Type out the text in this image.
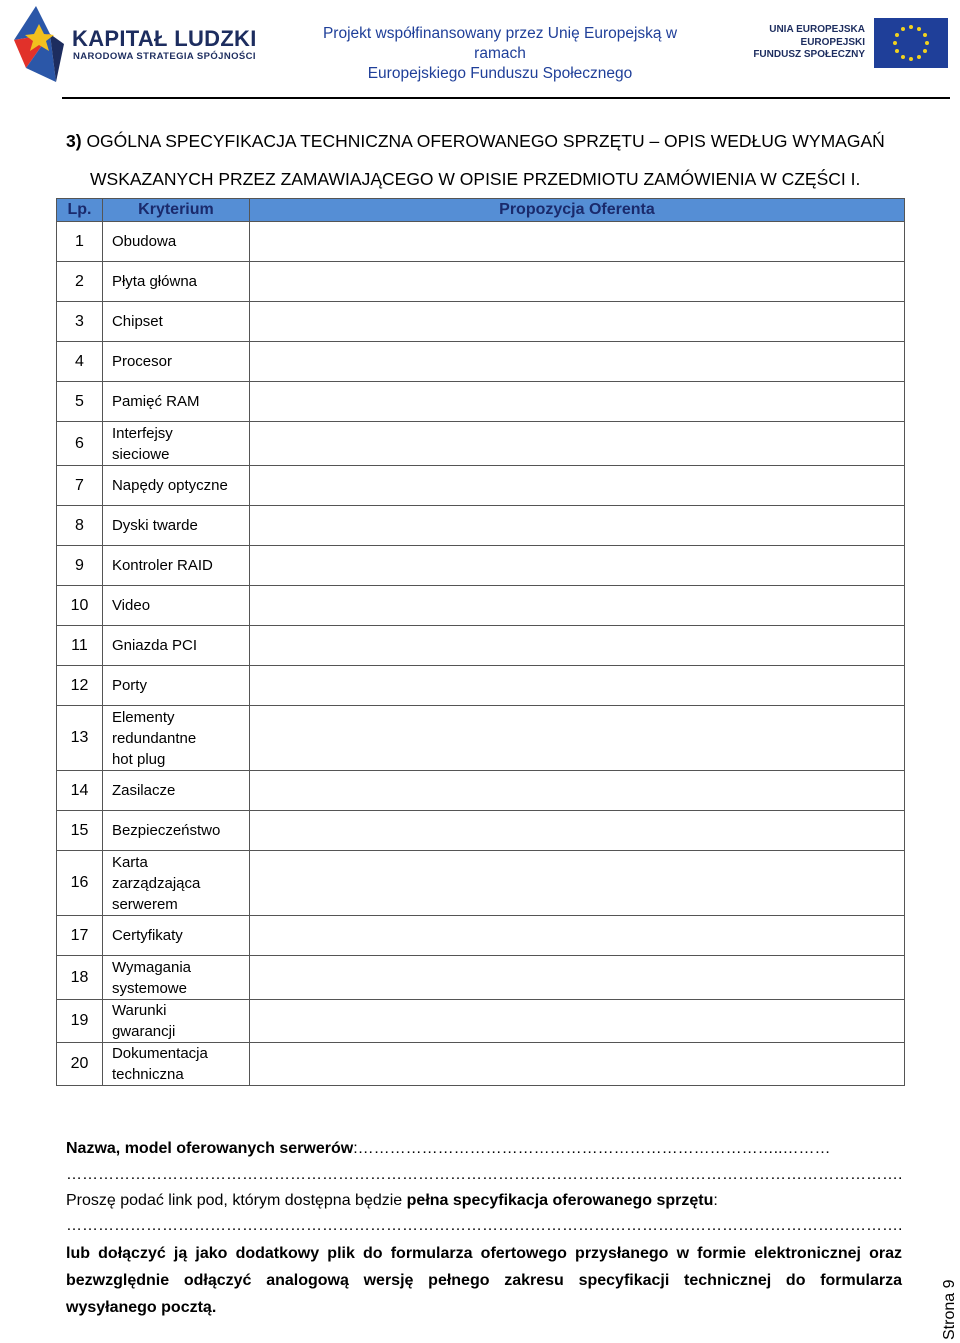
KAPITAŁ LUDZKI
NARODOWA STRATEGIA SPÓJNOŚCI
Projekt współfinansowany przez Unię Europejską w ramach
Europejskiego Funduszu Społecznego
UNIA EUROPEJSKA
EUROPEJSKI
FUNDUSZ SPOŁECZNY
3) OGÓLNA SPECYFIKACJA TECHNICZNA OFEROWANEGO SPRZĘTU – OPIS WEDŁUG WYMAGAŃ
WSKAZANYCH PRZEZ ZAMAWIAJĄCEGO W OPISIE PRZEDMIOTU ZAMÓWIENIA W CZĘŚCI I.
Lp.	Kryterium	Propozycja Oferenta
1	Obudowa	
2	Płyta główna	
3	Chipset	
4	Procesor	
5	Pamięć RAM	
6	Interfejsy sieciowe	
7	Napędy optyczne	
8	Dyski twarde	
9	Kontroler RAID	
10	Video	
11	Gniazda PCI	
12	Porty	
13	Elementy redundantne hot plug	
14	Zasilacze	
15	Bezpieczeństwo	
16	Karta zarządzająca serwerem	
17	Certyfikaty	
18	Wymagania systemowe	
19	Warunki gwarancji	
20	Dokumentacja techniczna	
Nazwa, model oferowanych serwerów:……………………………………………………………………..………
………………………………………………………………………………………………………………………………………….
Proszę podać link pod, którym dostępna będzie pełna specyfikacja oferowanego sprzętu:
………………………………………………………………………………………………………………………………………….
lub dołączyć ją jako dodatkowy plik do formularza ofertowego przysłanego w formie elektronicznej oraz bezwzględnie odłączyć analogową wersję pełnego zakresu specyfikacji technicznej do formularza wysyłanego pocztą.	Strona 9
